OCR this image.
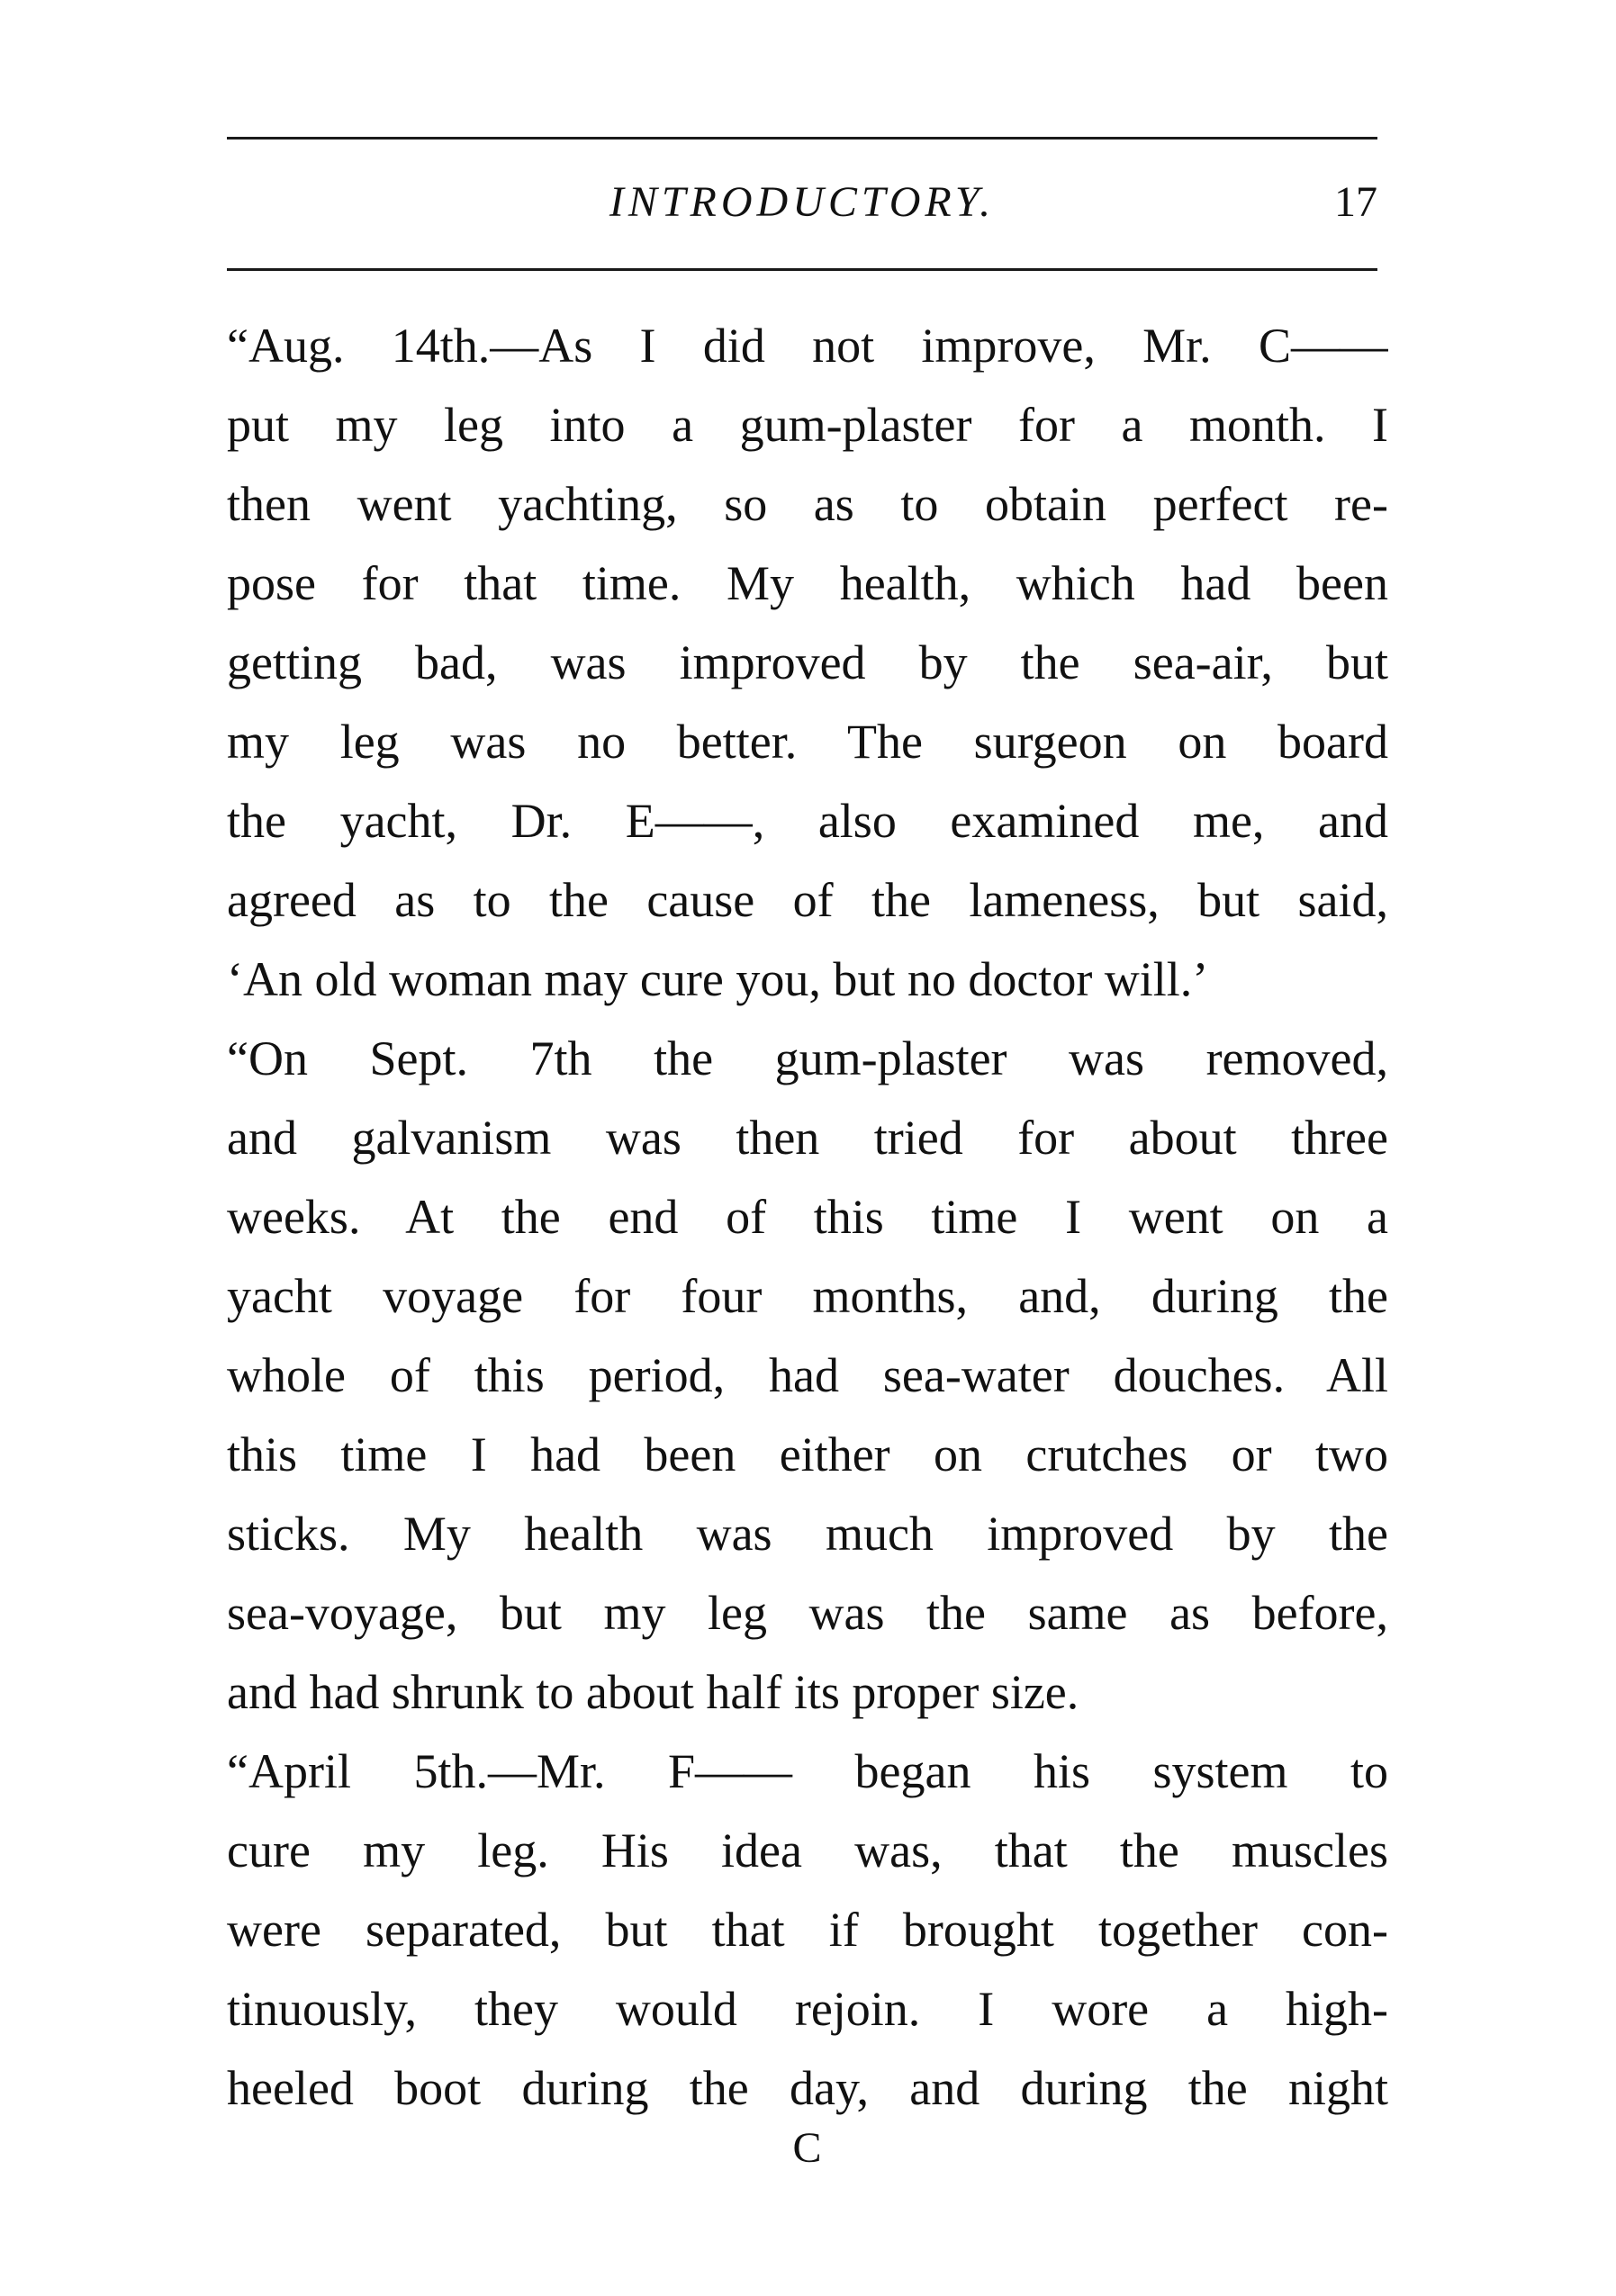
INTRODUCTORY.	17
“Aug. 14th.—As I did not improve, Mr. C——
put my leg into a gum-plaster for a month. I
then went yachting, so as to obtain perfect re-
pose for that time. My health, which had been
getting bad, was improved by the sea-air, but
my leg was no better. The surgeon on board
the yacht, Dr. E——, also examined me, and
agreed as to the cause of the lameness, but said,
‘An old woman may cure you, but no doctor will.’
“On Sept. 7th the gum-plaster was removed,
and galvanism was then tried for about three
weeks. At the end of this time I went on a
yacht voyage for four months, and, during the
whole of this period, had sea-water douches. All
this time I had been either on crutches or two
sticks. My health was much improved by the
sea-voyage, but my leg was the same as before,
and had shrunk to about half its proper size.
“April 5th.—Mr. F—— began his system to
cure my leg. His idea was, that the muscles
were separated, but that if brought together con-
tinuously, they would rejoin. I wore a high-
heeled boot during the day, and during the night
C
